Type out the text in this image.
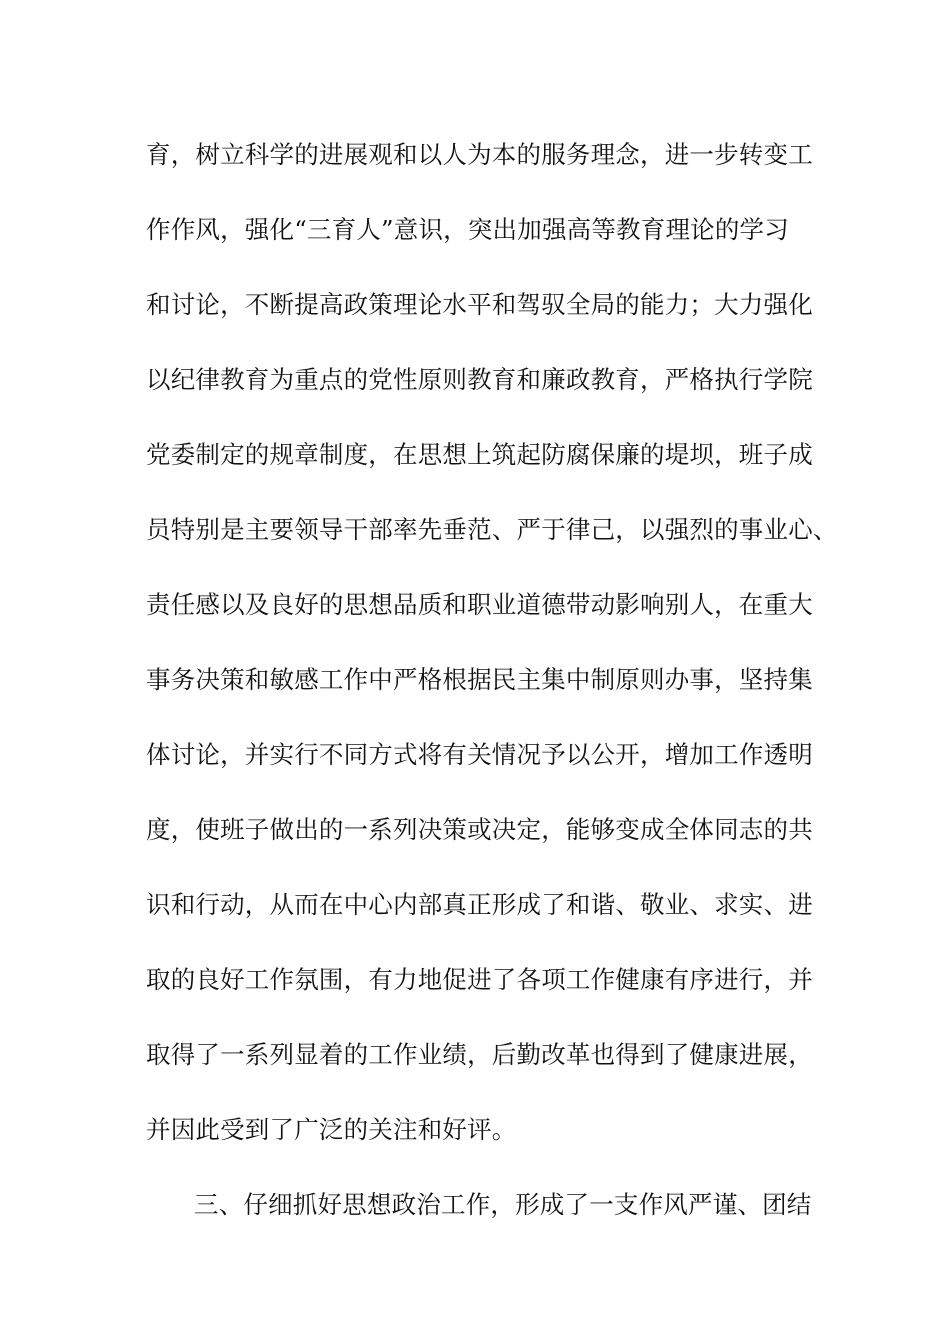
育，树立科学的进展观和以人为本的服务理念，进一步转变工
作作风，强化“三育人”意识，突出加强高等教育理论的学习
和讨论，不断提高政策理论水平和驾驭全局的能力；大力强化
以纪律教育为重点的党性原则教育和廉政教育，严格执行学院
党委制定的规章制度，在思想上筑起防腐保廉的堤坝，班子成
员特别是主要领导干部率先垂范、严于律己，以强烈的事业心、
责任感以及良好的思想品质和职业道德带动影响别人，在重大
事务决策和敏感工作中严格根据民主集中制原则办事，坚持集
体讨论，并实行不同方式将有关情况予以公开，增加工作透明
度，使班子做出的一系列决策或决定，能够变成全体同志的共
识和行动，从而在中心内部真正形成了和谐、敬业、求实、进
取的良好工作氛围，有力地促进了各项工作健康有序进行，并
取得了一系列显着的工作业绩，后勤改革也得到了健康进展，
并因此受到了广泛的关注和好评。
三、仔细抓好思想政治工作，形成了一支作风严谨、团结
